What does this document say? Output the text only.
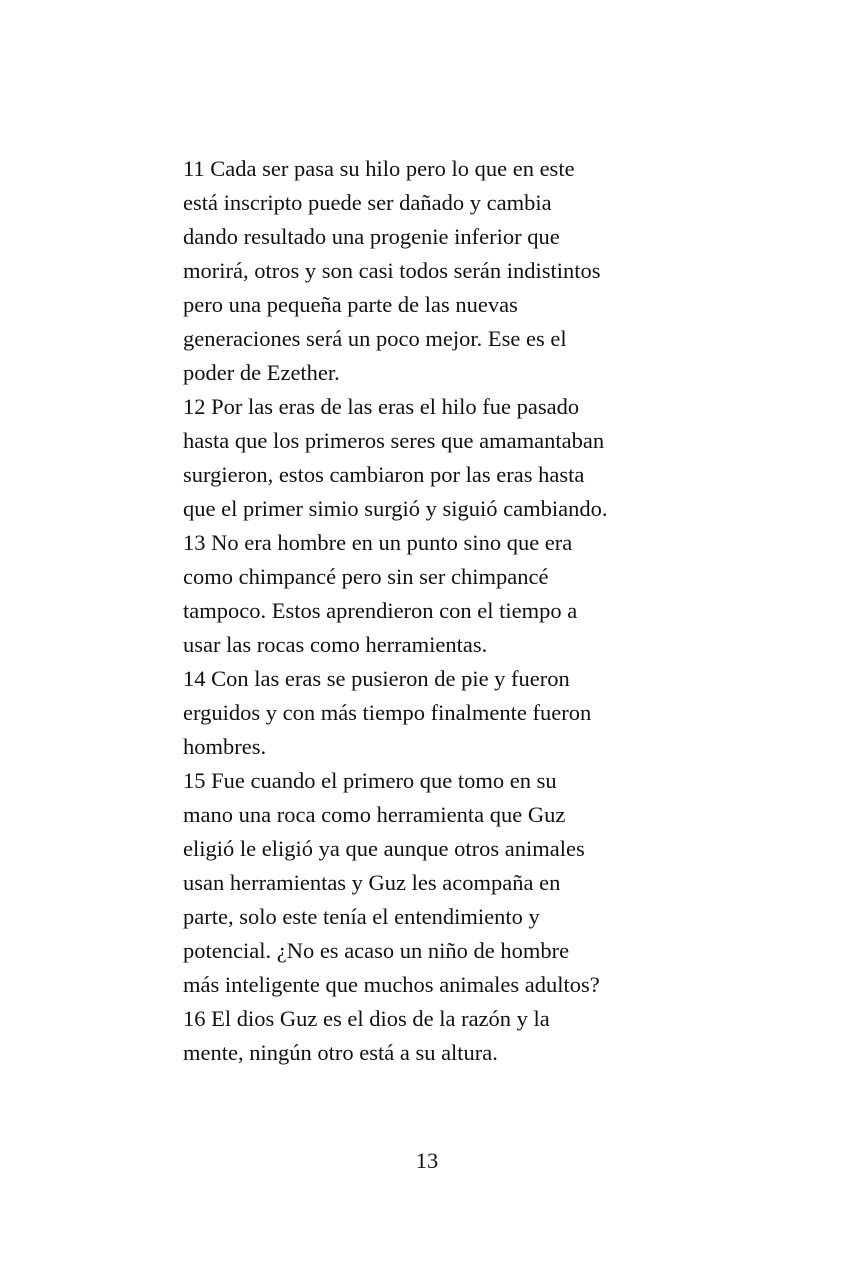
11 Cada ser pasa su hilo pero lo que en este
está inscripto puede ser dañado y cambia
dando resultado una progenie inferior que
morirá, otros y son casi todos serán indistintos
pero una pequeña parte de las nuevas
generaciones será un poco mejor. Ese es el
poder de Ezether.

12 Por las eras de las eras el hilo fue pasado
hasta que los primeros seres que amamantaban
surgieron, estos cambiaron por las eras hasta
que el primer simio surgió y siguió cambiando.

13 No era hombre en un punto sino que era
como chimpancé pero sin ser chimpancé
tampoco. Estos aprendieron con el tiempo a
usar las rocas como herramientas.

14 Con las eras se pusieron de pie y fueron
erguidos y con más tiempo finalmente fueron
hombres.

15 Fue cuando el primero que tomo en su
mano una roca como herramienta que Guz
eligió le eligió ya que aunque otros animales
usan herramientas y Guz les acompaña en
parte, solo este tenía el entendimiento y
potencial. ¿No es acaso un niño de hombre
más inteligente que muchos animales adultos?

16 El dios Guz es el dios de la razón y la
mente, ningún otro está a su altura.

13
